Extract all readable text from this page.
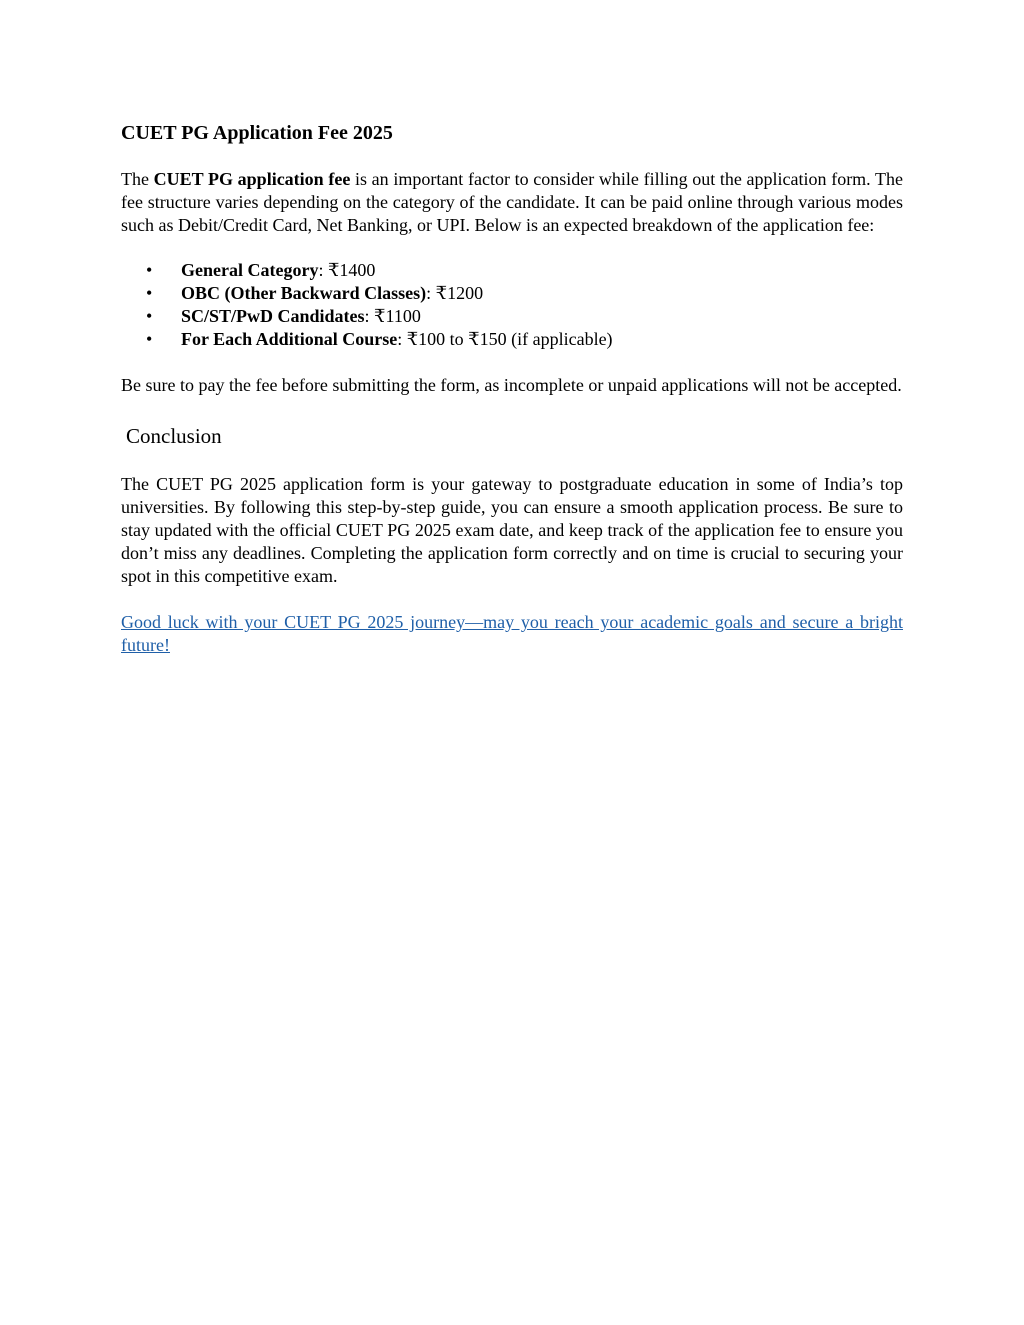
CUET PG Application Fee 2025

The CUET PG application fee is an important factor to consider while filling out the application form. The fee structure varies depending on the category of the candidate. It can be paid online through various modes such as Debit/Credit Card, Net Banking, or UPI. Below is an expected breakdown of the application fee:

• General Category: ₹1400
• OBC (Other Backward Classes): ₹1200
• SC/ST/PwD Candidates: ₹1100
• For Each Additional Course: ₹100 to ₹150 (if applicable)

Be sure to pay the fee before submitting the form, as incomplete or unpaid applications will not be accepted.

Conclusion

The CUET PG 2025 application form is your gateway to postgraduate education in some of India’s top universities. By following this step-by-step guide, you can ensure a smooth application process. Be sure to stay updated with the official CUET PG 2025 exam date, and keep track of the application fee to ensure you don’t miss any deadlines. Completing the application form correctly and on time is crucial to securing your spot in this competitive exam.

Good luck with your CUET PG 2025 journey—may you reach your academic goals and secure a bright future!
